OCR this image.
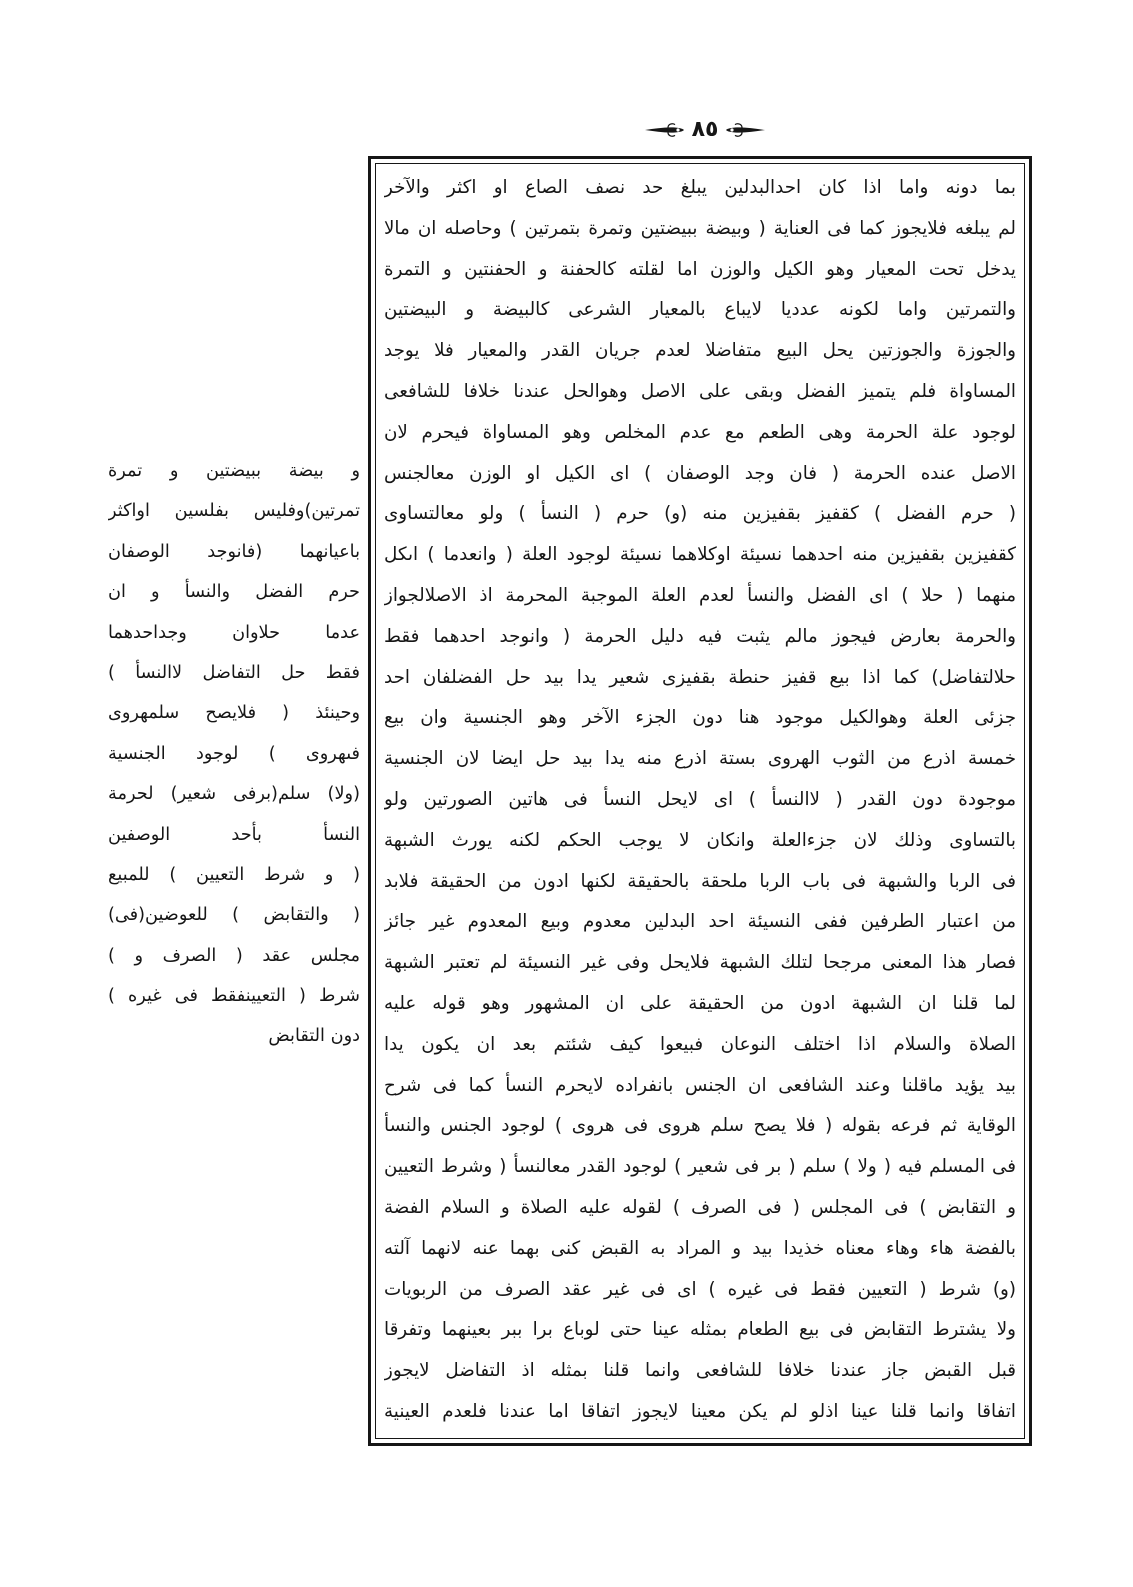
٨٥
بما دونه واما اذا كان احدالبدلين يبلغ حد نصف الصاع او اكثر والآخر
لم يبلغه فلايجوز كما فى العناية ( وبيضة ببيضتين وتمرة بتمرتين ) وحاصله ان مالا
يدخل تحت المعيار وهو الكيل والوزن اما لقلته كالحفنة و الحفنتين و التمرة
والتمرتين واما لكونه عدديا لايباع بالمعيار الشرعى كالبيضة و البيضتين
والجوزة والجوزتين يحل البيع متفاضلا لعدم جريان القدر والمعيار فلا يوجد
المساواة فلم يتميز الفضل وبقى على الاصل وهوالحل عندنا خلافا للشافعى
لوجود علة الحرمة وهى الطعم مع عدم المخلص وهو المساواة فيحرم لان
الاصل عنده الحرمة ( فان وجد الوصفان ) اى الكيل او الوزن معالجنس
( حرم الفضل ) كقفيز بقفيزين منه (و) حرم ( النسأ ) ولو معالتساوى
كقفيزين بقفيزين منه احدهما نسيئة اوكلاهما نسيئة لوجود العلة ( وانعدما ) اىكل
منهما ( حلا ) اى الفضل والنسأ لعدم العلة الموجبة المحرمة اذ الاصلالجواز
والحرمة بعارض فيجوز مالم يثبت فيه دليل الحرمة ( وانوجد احدهما فقط
حلالتفاضل) كما اذا بيع قفيز حنطة بقفيزى شعير يدا بيد حل الفضلفان احد
جزئى العلة وهوالكيل موجود هنا دون الجزء الآخر وهو الجنسية وان بيع
خمسة اذرع من الثوب الهروى بستة اذرع منه يدا بيد حل ايضا لان الجنسية
موجودة دون القدر ( لاالنسأ ) اى لايحل النسأ فى هاتين الصورتين ولو
بالتساوى وذلك لان جزءالعلة وانكان لا يوجب الحكم لكنه يورث الشبهة
فى الربا والشبهة فى باب الربا ملحقة بالحقيقة لكنها ادون من الحقيقة فلابد
من اعتبار الطرفين ففى النسيئة احد البدلين معدوم وبيع المعدوم غير جائز
فصار هذا المعنى مرجحا لتلك الشبهة فلايحل وفى غير النسيئة لم تعتبر الشبهة
لما قلنا ان الشبهة ادون من الحقيقة على ان المشهور وهو قوله عليه
الصلاة والسلام اذا اختلف النوعان فبيعوا كيف شئتم بعد ان يكون يدا
بيد يؤيد ماقلنا وعند الشافعى ان الجنس بانفراده لايحرم النسأ كما فى شرح
الوقاية ثم فرعه بقوله ( فلا يصح سلم هروى فى هروى ) لوجود الجنس والنسأ
فى المسلم فيه ( ولا ) سلم ( بر فى شعير ) لوجود القدر معالنسأ ( وشرط التعيين
و التقابض ) فى المجلس ( فى الصرف ) لقوله عليه الصلاة و السلام الفضة
بالفضة هاء وهاء معناه خذيدا بيد و المراد به القبض كنى بهما عنه لانهما آلته
(و) شرط ( التعيين فقط فى غيره ) اى فى غير عقد الصرف من الربويات
ولا يشترط التقابض فى بيع الطعام بمثله عينا حتى لوباع برا ببر بعينهما وتفرقا
قبل القبض جاز عندنا خلافا للشافعى وانما قلنا بمثله اذ التفاضل لايجوز
اتفاقا وانما قلنا عينا اذلو لم يكن معينا لايجوز اتفاقا اما عندنا فلعدم العينية
و بيضة ببيضتين و تمرة
تمرتين)وفليس بفلسين اواكثر
باعيانهما (فانوجد الوصفان
حرم الفضل والنسأ و ان
عدما حلاوان وجداحدهما
فقط حل التفاضل لاالنسأ )
وحينئذ ( فلايصح سلمهروى
فىهروى ) لوجود الجنسية
(ولا) سلم(برفى شعير) لحرمة
النسأ بأحد الوصفين
( و شرط التعيين ) للمبيع
( والتقابض ) للعوضين(فى)
مجلس عقد ( الصرف و )
شرط ( التعيينفقط فى غيره )
دون التقابض
